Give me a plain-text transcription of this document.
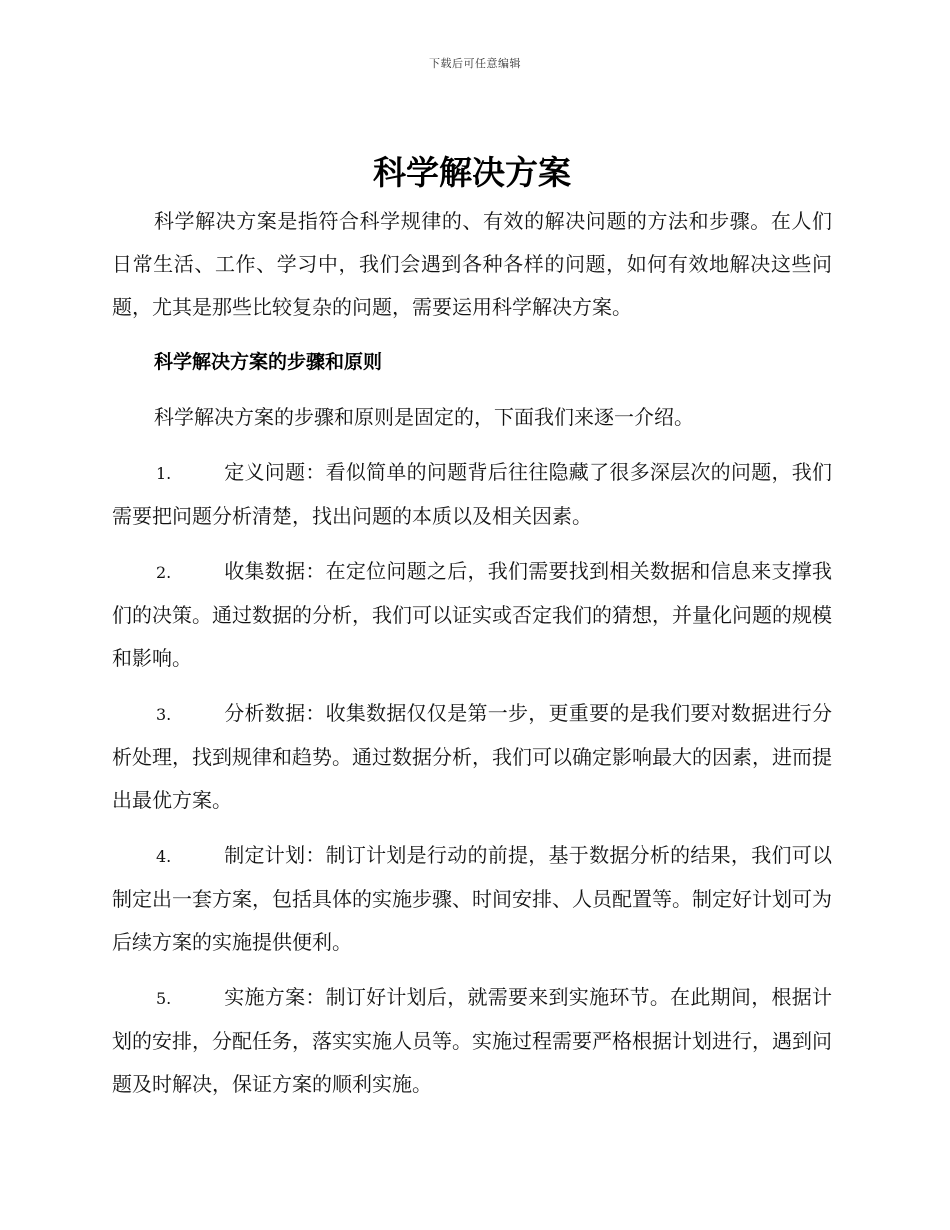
下载后可任意编辑
科学解决方案

科学解决方案是指符合科学规律的、有效的解决问题的方法和步骤。在人们日常生活、工作、学习中，我们会遇到各种各样的问题，如何有效地解决这些问题，尤其是那些比较复杂的问题，需要运用科学解决方案。

科学解决方案的步骤和原则

科学解决方案的步骤和原则是固定的，下面我们来逐一介绍。

1.	定义问题：看似简单的问题背后往往隐藏了很多深层次的问题，我们需要把问题分析清楚，找出问题的本质以及相关因素。

2.	收集数据：在定位问题之后，我们需要找到相关数据和信息来支撑我们的决策。通过数据的分析，我们可以证实或否定我们的猜想，并量化问题的规模和影响。

3.	分析数据：收集数据仅仅是第一步，更重要的是我们要对数据进行分析处理，找到规律和趋势。通过数据分析，我们可以确定影响最大的因素，进而提出最优方案。

4.	制定计划：制订计划是行动的前提，基于数据分析的结果，我们可以制定出一套方案，包括具体的实施步骤、时间安排、人员配置等。制定好计划可为后续方案的实施提供便利。

5.	实施方案：制订好计划后，就需要来到实施环节。在此期间，根据计划的安排，分配任务，落实实施人员等。实施过程需要严格根据计划进行，遇到问题及时解决，保证方案的顺利实施。
